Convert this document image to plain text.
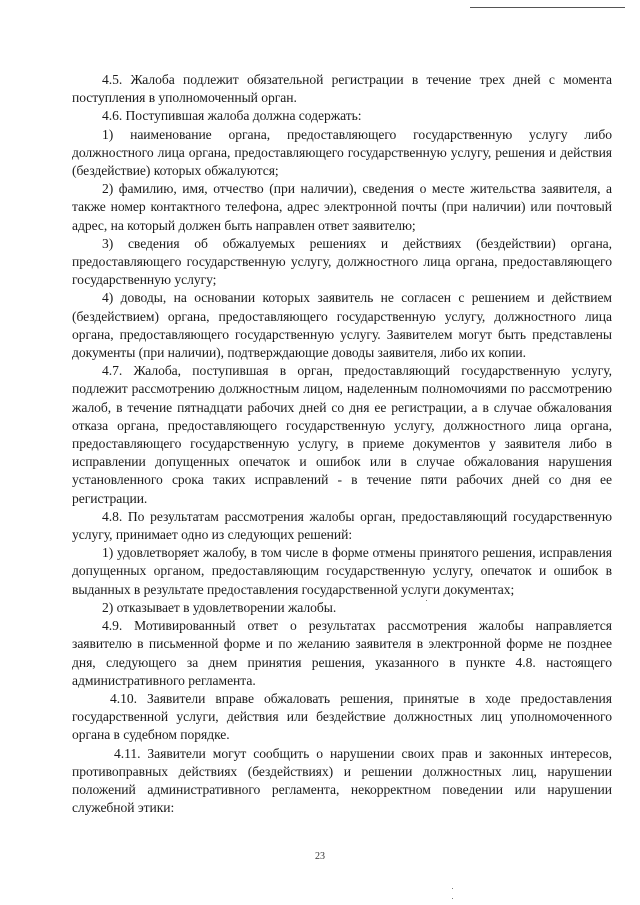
4.5. Жалоба подлежит обязательной регистрации в течение трех дней с момента поступления в уполномоченный орган.

4.6. Поступившая жалоба должна содержать:

1) наименование органа, предоставляющего государственную услугу либо должностного лица органа, предоставляющего государственную услугу, решения и действия (бездействие) которых обжалуются;

2) фамилию, имя, отчество (при наличии), сведения о месте жительства заявителя, а также номер контактного телефона, адрес электронной почты (при наличии) или почтовый адрес, на который должен быть направлен ответ заявителю;

3) сведения об обжалуемых решениях и действиях (бездействии) органа, предоставляющего государственную услугу, должностного лица органа, предоставляющего государственную услугу;

4) доводы, на основании которых заявитель не согласен с решением и действием (бездействием) органа, предоставляющего государственную услугу, должностного лица органа, предоставляющего государственную услугу. Заявителем могут быть представлены документы (при наличии), подтверждающие доводы заявителя, либо их копии.

4.7. Жалоба, поступившая в орган, предоставляющий государственную услугу, подлежит рассмотрению должностным лицом, наделенным полномочиями по рассмотрению жалоб, в течение пятнадцати рабочих дней со дня ее регистрации, а в случае обжалования отказа органа, предоставляющего государственную услугу, должностного лица органа, предоставляющего государственную услугу, в приеме документов у заявителя либо в исправлении допущенных опечаток и ошибок или в случае обжалования нарушения установленного срока таких исправлений - в течение пяти рабочих дней со дня ее регистрации.

4.8. По результатам рассмотрения жалобы орган, предоставляющий государственную услугу, принимает одно из следующих решений:

1) удовлетворяет жалобу, в том числе в форме отмены принятого решения, исправления допущенных органом, предоставляющим государственную услугу, опечаток и ошибок в выданных в результате предоставления государственной услуги документах;

2) отказывает в удовлетворении жалобы.

4.9. Мотивированный ответ о результатах рассмотрения жалобы направляется заявителю в письменной форме и по желанию заявителя в электронной форме не позднее дня, следующего за днем принятия решения, указанного в пункте 4.8. настоящего административного регламента.

4.10. Заявители вправе обжаловать решения, принятые в ходе предоставления государственной услуги, действия или бездействие должностных лиц уполномоченного органа в судебном порядке.

4.11. Заявители могут сообщить о нарушении своих прав и законных интересов, противоправных действиях (бездействиях) и решении должностных лиц, нарушении положений административного регламента, некорректном поведении или нарушении служебной этики:

23
